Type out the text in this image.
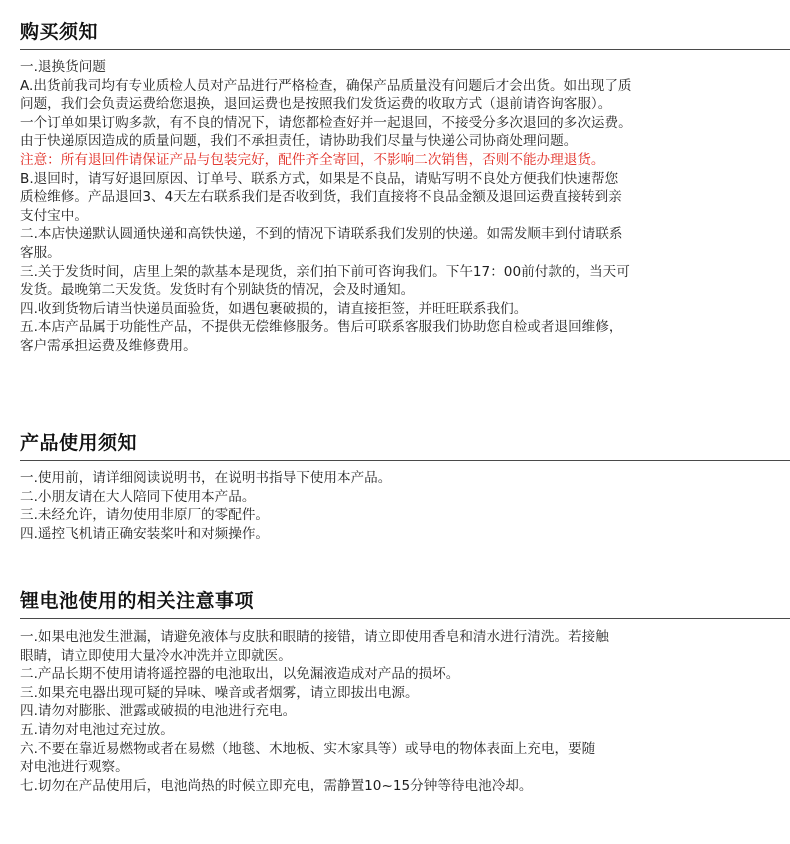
购买须知
一.退换货问题
A.出货前我司均有专业质检人员对产品进行严格检查，确保产品质量没有问题后才会出货。如出现了质
问题，我们会负责运费给您退换，退回运费也是按照我们发货运费的收取方式（退前请咨询客服）。
一个订单如果订购多款，有不良的情况下，请您都检查好并一起退回，不接受分多次退回的多次运费。
由于快递原因造成的质量问题，我们不承担责任，请协助我们尽量与快递公司协商处理问题。
注意：所有退回件请保证产品与包装完好，配件齐全寄回，不影响二次销售，否则不能办理退货。
B.退回时，请写好退回原因、订单号、联系方式，如果是不良品，请贴写明不良处方便我们快速帮您
质检维修。产品退回3、4天左右联系我们是否收到货，我们直接将不良品金额及退回运费直接转到亲
支付宝中。
二.本店快递默认圆通快递和高铁快递，不到的情况下请联系我们发别的快递。如需发顺丰到付请联系
客服。
三.关于发货时间，店里上架的款基本是现货，亲们拍下前可咨询我们。下午17：00前付款的，当天可
发货。最晚第二天发货。发货时有个别缺货的情况，会及时通知。
四.收到货物后请当快递员面验货，如遇包裹破损的，请直接拒签，并旺旺联系我们。
五.本店产品属于功能性产品，不提供无偿维修服务。售后可联系客服我们协助您自检或者退回维修，
客户需承担运费及维修费用。
产品使用须知
一.使用前，请详细阅读说明书，在说明书指导下使用本产品。
二.小朋友请在大人陪同下使用本产品。
三.未经允许，请勿使用非原厂的零配件。
四.遥控飞机请正确安装桨叶和对频操作。
锂电池使用的相关注意事项
一.如果电池发生泄漏，请避免液体与皮肤和眼睛的接错，请立即使用香皂和清水进行清洗。若接触
眼睛，请立即使用大量冷水冲洗并立即就医。
二.产品长期不使用请将遥控器的电池取出，以免漏液造成对产品的损坏。
三.如果充电器出现可疑的异味、噪音或者烟雾，请立即拔出电源。
四.请勿对膨胀、泄露或破损的电池进行充电。
五.请勿对电池过充过放。
六.不要在靠近易燃物或者在易燃（地毯、木地板、实木家具等）或导电的物体表面上充电，要随
对电池进行观察。
七.切勿在产品使用后，电池尚热的时候立即充电，需静置10~15分钟等待电池冷却。
